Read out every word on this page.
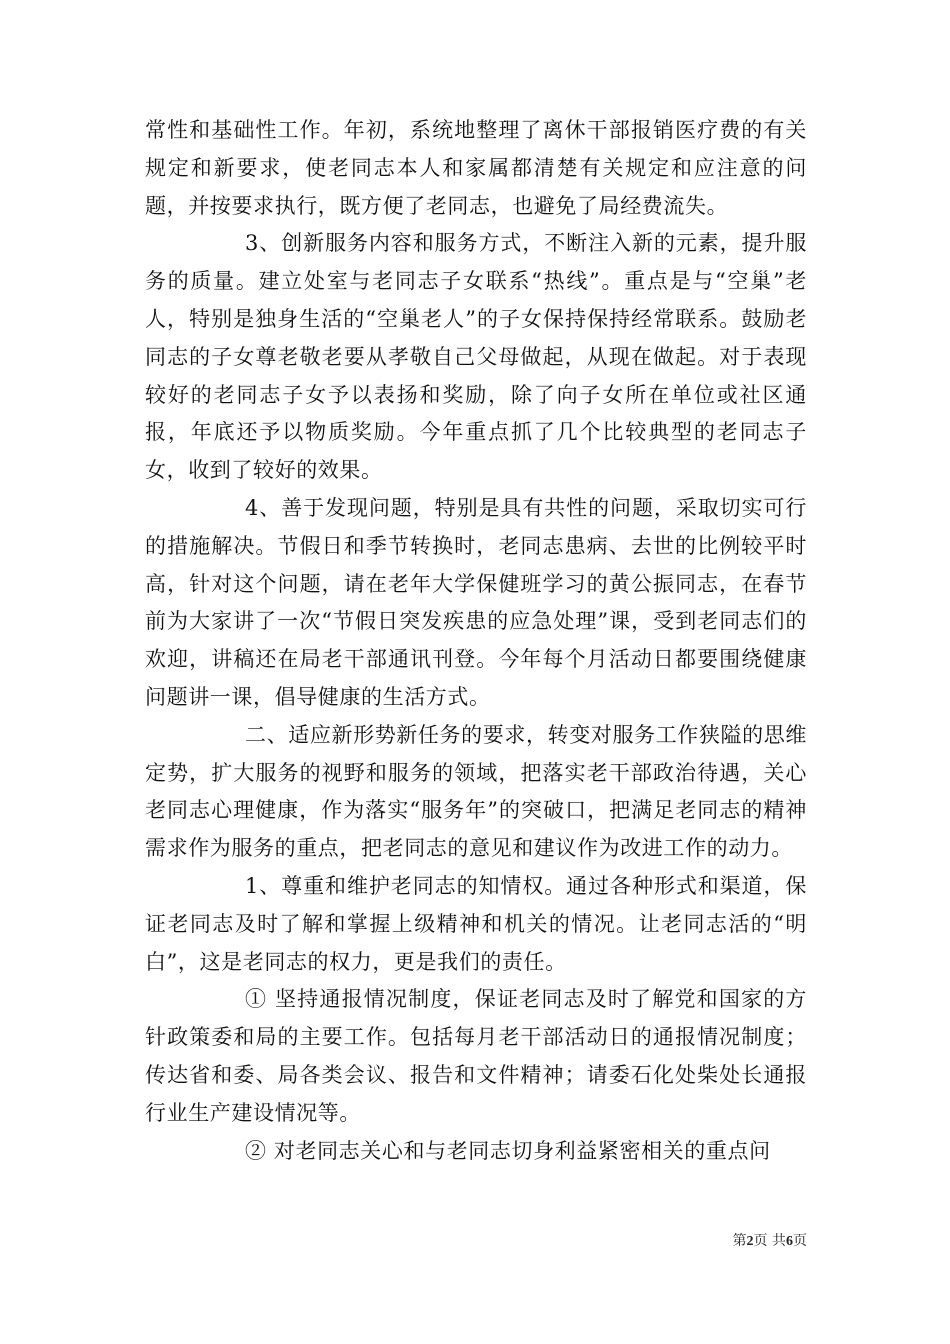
常性和基础性工作。年初，系统地整理了离休干部报销医疗费的有关规定和新要求，使老同志本人和家属都清楚有关规定和应注意的问题，并按要求执行，既方便了老同志，也避免了局经费流失。

3、创新服务内容和服务方式，不断注入新的元素，提升服务的质量。建立处室与老同志子女联系“热线”。重点是与“空巢”老人，特别是独身生活的“空巢老人”的子女保持保持经常联系。鼓励老同志的子女尊老敬老要从孝敬自己父母做起，从现在做起。对于表现较好的老同志子女予以表扬和奖励，除了向子女所在单位或社区通报，年底还予以物质奖励。今年重点抓了几个比较典型的老同志子女，收到了较好的效果。

4、善于发现问题，特别是具有共性的问题，采取切实可行的措施解决。节假日和季节转换时，老同志患病、去世的比例较平时高，针对这个问题，请在老年大学保健班学习的黄公振同志，在春节前为大家讲了一次“节假日突发疾患的应急处理”课，受到老同志们的欢迎，讲稿还在局老干部通讯刊登。今年每个月活动日都要围绕健康问题讲一课，倡导健康的生活方式。

二、适应新形势新任务的要求，转变对服务工作狭隘的思维定势，扩大服务的视野和服务的领域，把落实老干部政治待遇，关心老同志心理健康，作为落实“服务年”的突破口，把满足老同志的精神需求作为服务的重点，把老同志的意见和建议作为改进工作的动力。

1、尊重和维护老同志的知情权。通过各种形式和渠道，保证老同志及时了解和掌握上级精神和机关的情况。让老同志活的“明白”，这是老同志的权力，更是我们的责任。

① 坚持通报情况制度，保证老同志及时了解党和国家的方针政策委和局的主要工作。包括每月老干部活动日的通报情况制度；传达省和委、局各类会议、报告和文件精神；请委石化处柴处长通报行业生产建设情况等。

② 对老同志关心和与老同志切身利益紧密相关的重点问

第2页 共6页
